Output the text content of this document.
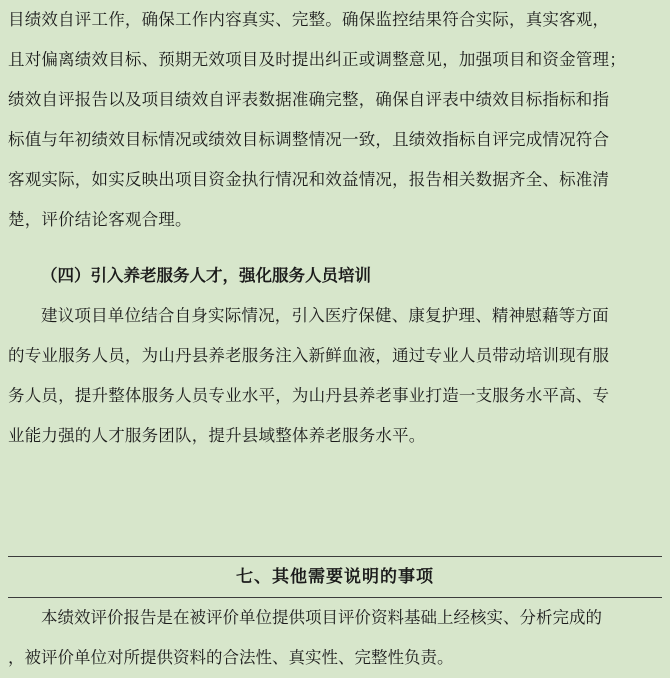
目绩效自评工作，确保工作内容真实、完整。确保监控结果符合实际，真实客观，

且对偏离绩效目标、预期无效项目及时提出纠正或调整意见，加强项目和资金管理；

绩效自评报告以及项目绩效自评表数据准确完整，确保自评表中绩效目标指标和指

标值与年初绩效目标情况或绩效目标调整情况一致，且绩效指标自评完成情况符合

客观实际，如实反映出项目资金执行情况和效益情况，报告相关数据齐全、标准清

楚，评价结论客观合理。

（四）引入养老服务人才，强化服务人员培训

建议项目单位结合自身实际情况，引入医疗保健、康复护理、精神慰藉等方面

的专业服务人员，为山丹县养老服务注入新鲜血液，通过专业人员带动培训现有服

务人员，提升整体服务人员专业水平，为山丹县养老事业打造一支服务水平高、专

业能力强的人才服务团队，提升县域整体养老服务水平。

七、其他需要说明的事项

本绩效评价报告是在被评价单位提供项目评价资料基础上经核实、分析完成的

，被评价单位对所提供资料的合法性、真实性、完整性负责。
